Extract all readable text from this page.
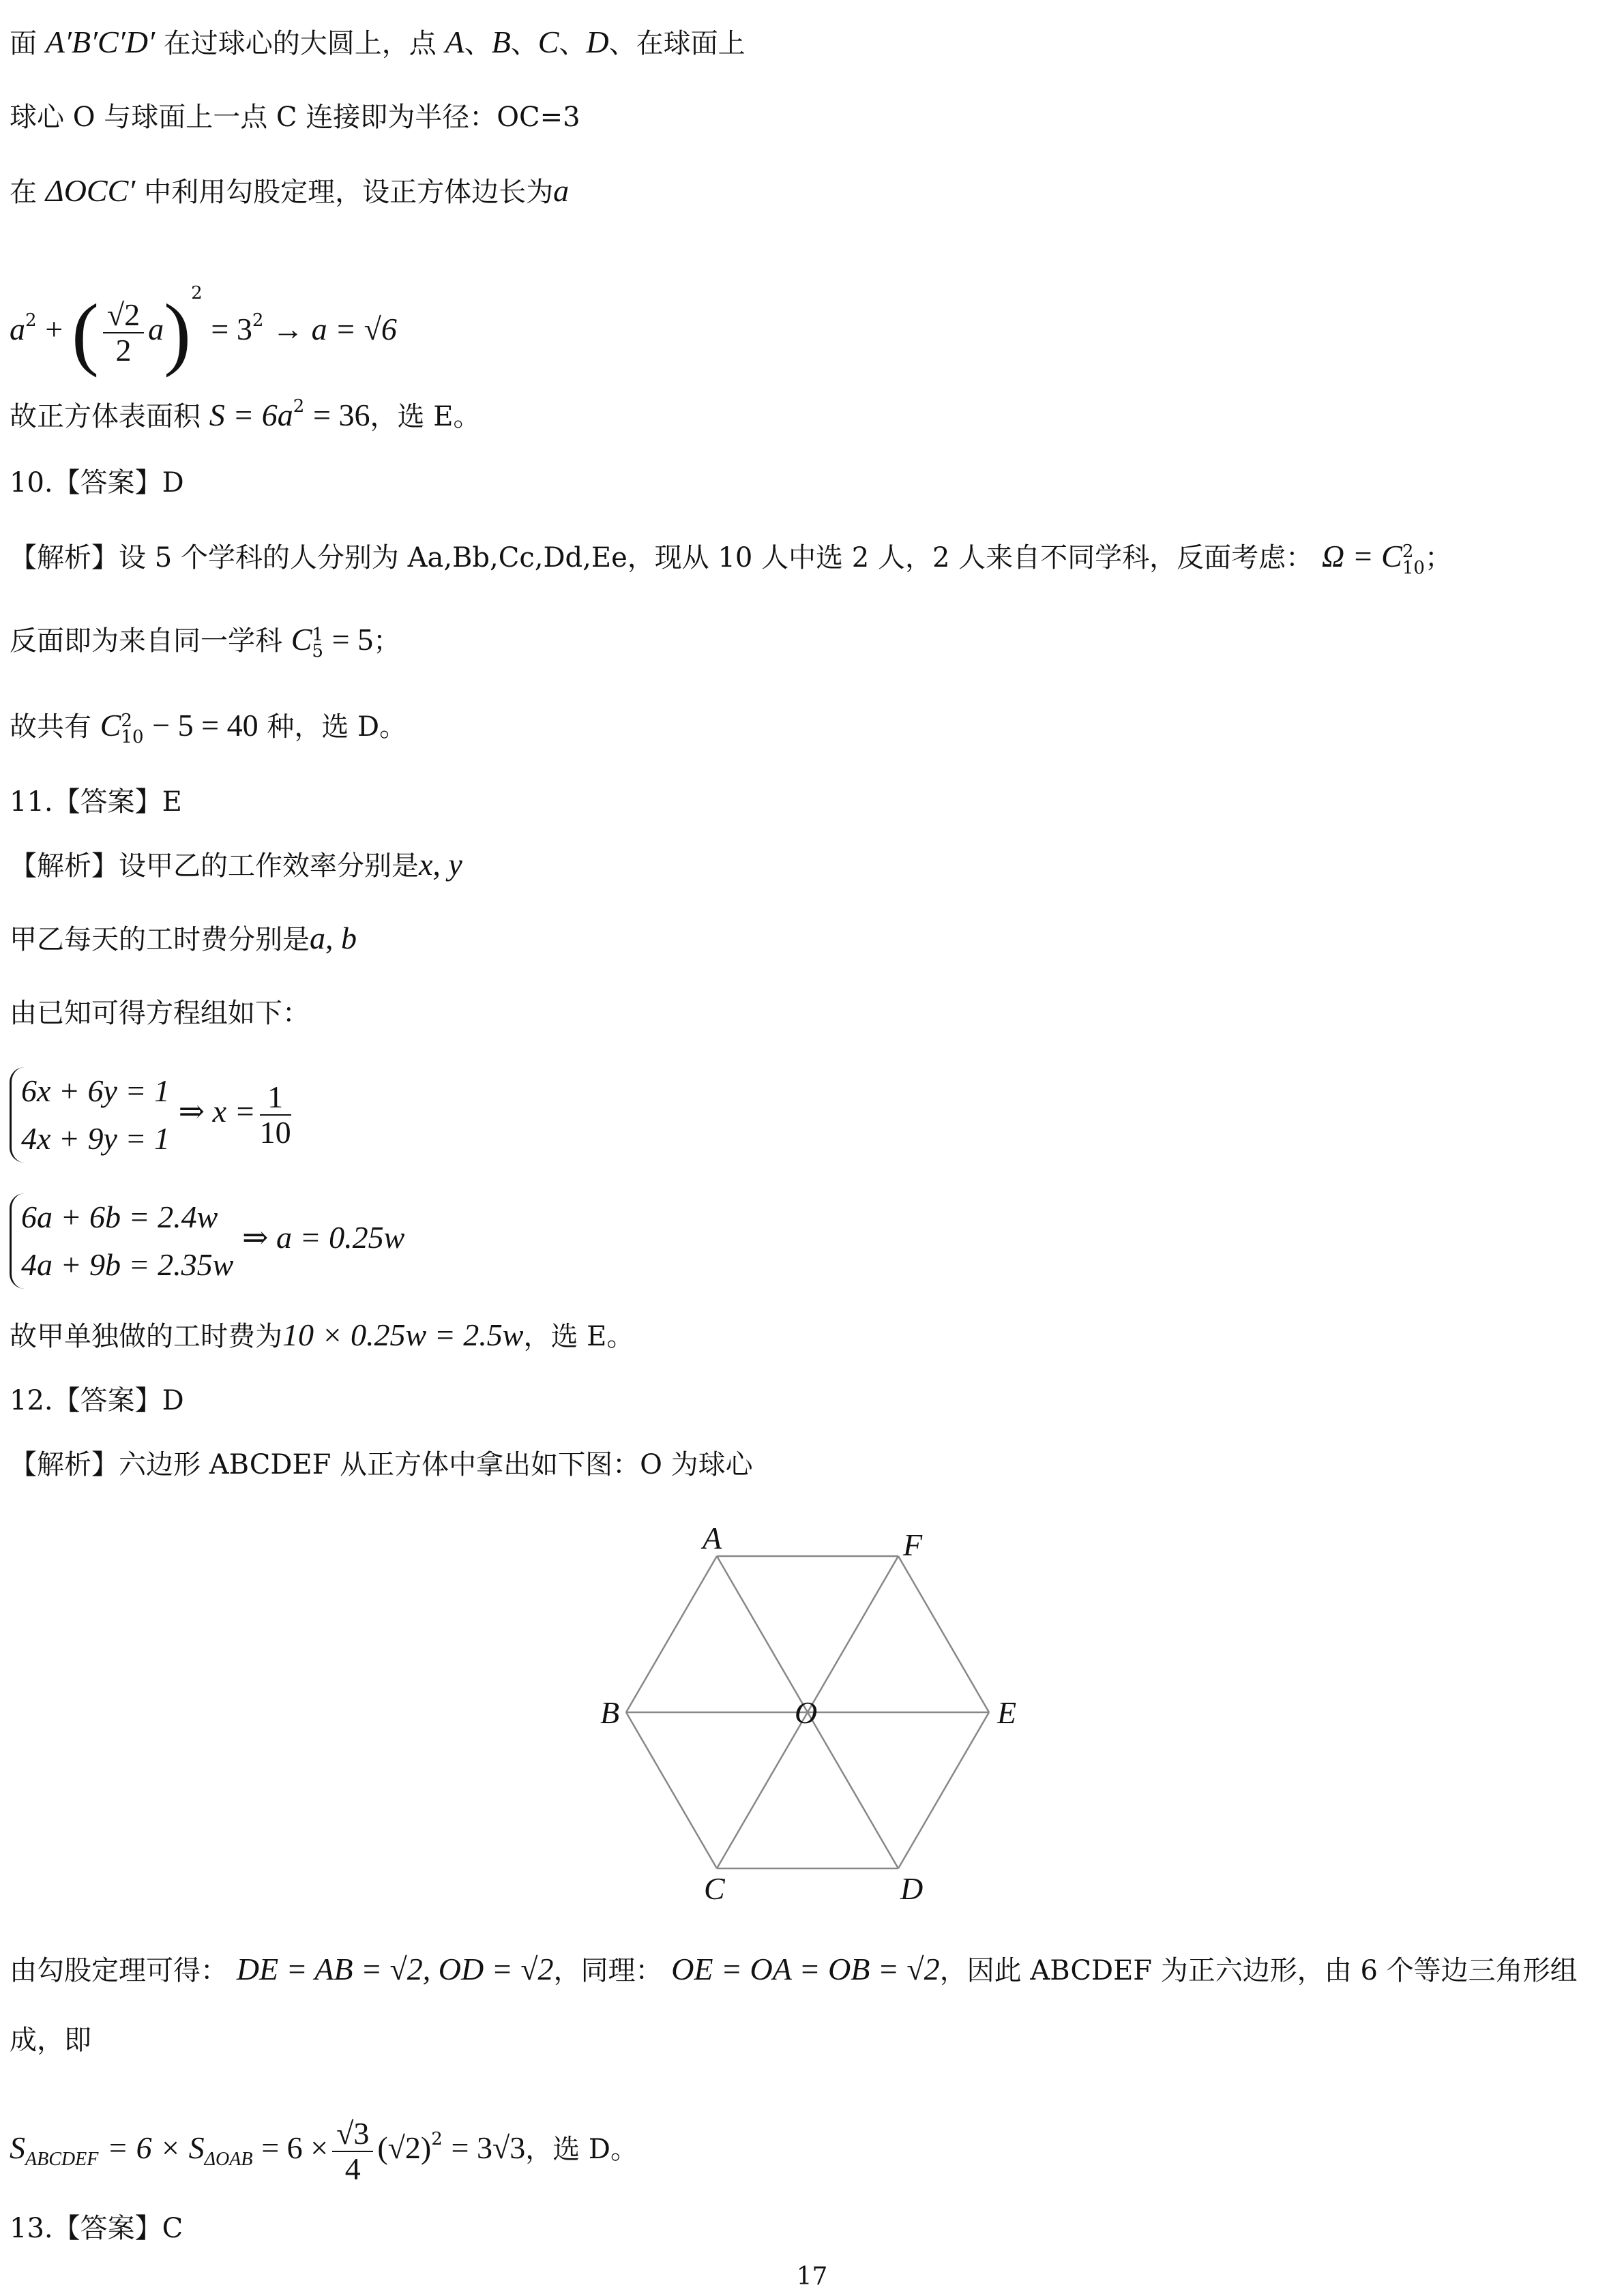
面 A′B′C′D′ 在过球心的大圆上，点 A、B、C、D、在球面上
球心 O 与球面上一点 C 连接即为半径：OC=3
在 ΔOCC′ 中利用勾股定理，设正方体边长为a
$a^2$ + ( $\frac{√2}{2} a)^2 = 3^2 \to a = √6$
故正方体表面积 $S = 6a^2 = 36$，选 E。
10.【答案】D
【解析】设 5 个学科的人分别为 Aa,Bb,Cc,Dd,Ee，现从 10 人中选 2 人，2 人来自不同学科，反面考虑： Ω = C 2
10 ；
反面即为来自同一学科 C 1
5 = 5；
故共有 C 2
10 − 5 = 40 种，选 D。
11.【答案】E
【解析】设甲乙的工作效率分别是x, y
甲乙每天的工时费分别是a, b
由已知可得方程组如下：
6x + 6y = 1
4x + 9y = 1
⇒ $x = \frac{1}{10}$
6a + 6b = 2.4w
4a + 9b = 2.35w
⇒ a = 0.25w
故甲单独做的工时费为10 × 0.25w = 2.5w，选 E。
12.【答案】D
【解析】六边形 ABCDEF 从正方体中拿出如下图：O 为球心
A	F
B	O	E
C	D
由勾股定理可得： DE = AB = √2, OD = √2，同理： OE = OA = OB = √2，因此 ABCDEF 为正六边形，由 6 个等边三角形组
成，即
$S_{ABCDEF} = 6 \times S_{\Delta OAB} = 6 \times \frac{√3}{4} (√2)^2 = 3√3$，选 D。
13.【答案】C
17
